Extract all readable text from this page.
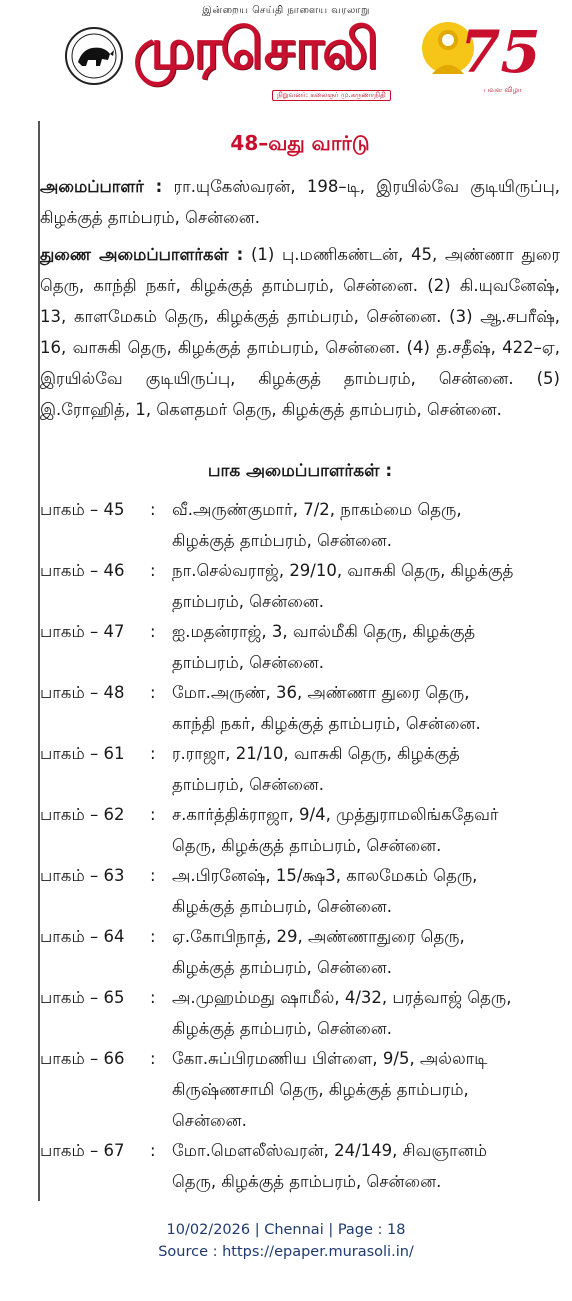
இன்றைய செய்தி நாளைய வரலாறு
முரசொலி
நிறுவனர்: கலைஞர் மு.கருணாநிதி
75
பவள விழா
48–வது வார்டு
அமைப்பாளர் : ரா.யுகேஸ்வரன், 198–டி, இரயில்வே குடியிருப்பு, கிழக்குத் தாம்பரம், சென்னை.
துணை அமைப்பாளர்கள் : (1) பு.மணிகண்டன், 45, அண்ணா துரை தெரு, காந்தி நகர், கிழக்குத் தாம்பரம், சென்னை. (2) கி.யுவனேஷ், 13, காளமேகம் தெரு, கிழக்குத் தாம்பரம், சென்னை. (3) ஆ.சபரீஷ், 16, வாசுகி தெரு, கிழக்குத் தாம்பரம், சென்னை. (4) த.சதீஷ், 422–ஏ, இரயில்வே குடியிருப்பு, கிழக்குத் தாம்பரம், சென்னை. (5) இ.ரோஹித், 1, கௌதமர் தெரு, கிழக்குத் தாம்பரம், சென்னை.
பாக அமைப்பாளர்கள் :
பாகம் – 45	: வீ.அருண்குமார், 7/2, நாகம்மை தெரு,
கிழக்குத் தாம்பரம், சென்னை.
பாகம் – 46	: நா.செல்வராஜ், 29/10, வாசுகி தெரு, கிழக்குத்
தாம்பரம், சென்னை.
பாகம் – 47	: ஐ.மதன்ராஜ், 3, வால்மீகி தெரு, கிழக்குத்
தாம்பரம், சென்னை.
பாகம் – 48	: மோ.அருண், 36, அண்ணா துரை தெரு,
காந்தி நகர், கிழக்குத் தாம்பரம், சென்னை.
பாகம் – 61	: ர.ராஜா, 21/10, வாசுகி தெரு, கிழக்குத்
தாம்பரம், சென்னை.
பாகம் – 62	: ச.கார்த்திக்ராஜா, 9/4, முத்துராமலிங்கதேவர்
தெரு, கிழக்குத் தாம்பரம், சென்னை.
பாகம் – 63	: அ.பிரனேஷ், 15/க்ஷ3, காலமேகம் தெரு,
கிழக்குத் தாம்பரம், சென்னை.
பாகம் – 64	: ஏ.கோபிநாத், 29, அண்ணாதுரை தெரு,
கிழக்குத் தாம்பரம், சென்னை.
பாகம் – 65	: அ.முஹம்மது ஷாமீல், 4/32, பரத்வாஜ் தெரு,
கிழக்குத் தாம்பரம், சென்னை.
பாகம் – 66	: கோ.சுப்பிரமணிய பிள்ளை, 9/5, அல்லாடி
கிருஷ்ணசாமி தெரு, கிழக்குத் தாம்பரம்,
சென்னை.
பாகம் – 67	: மோ.மௌலீஸ்வரன், 24/149, சிவஞானம்
தெரு, கிழக்குத் தாம்பரம், சென்னை.
10/02/2026 | Chennai | Page : 18
Source : https://epaper.murasoli.in/
